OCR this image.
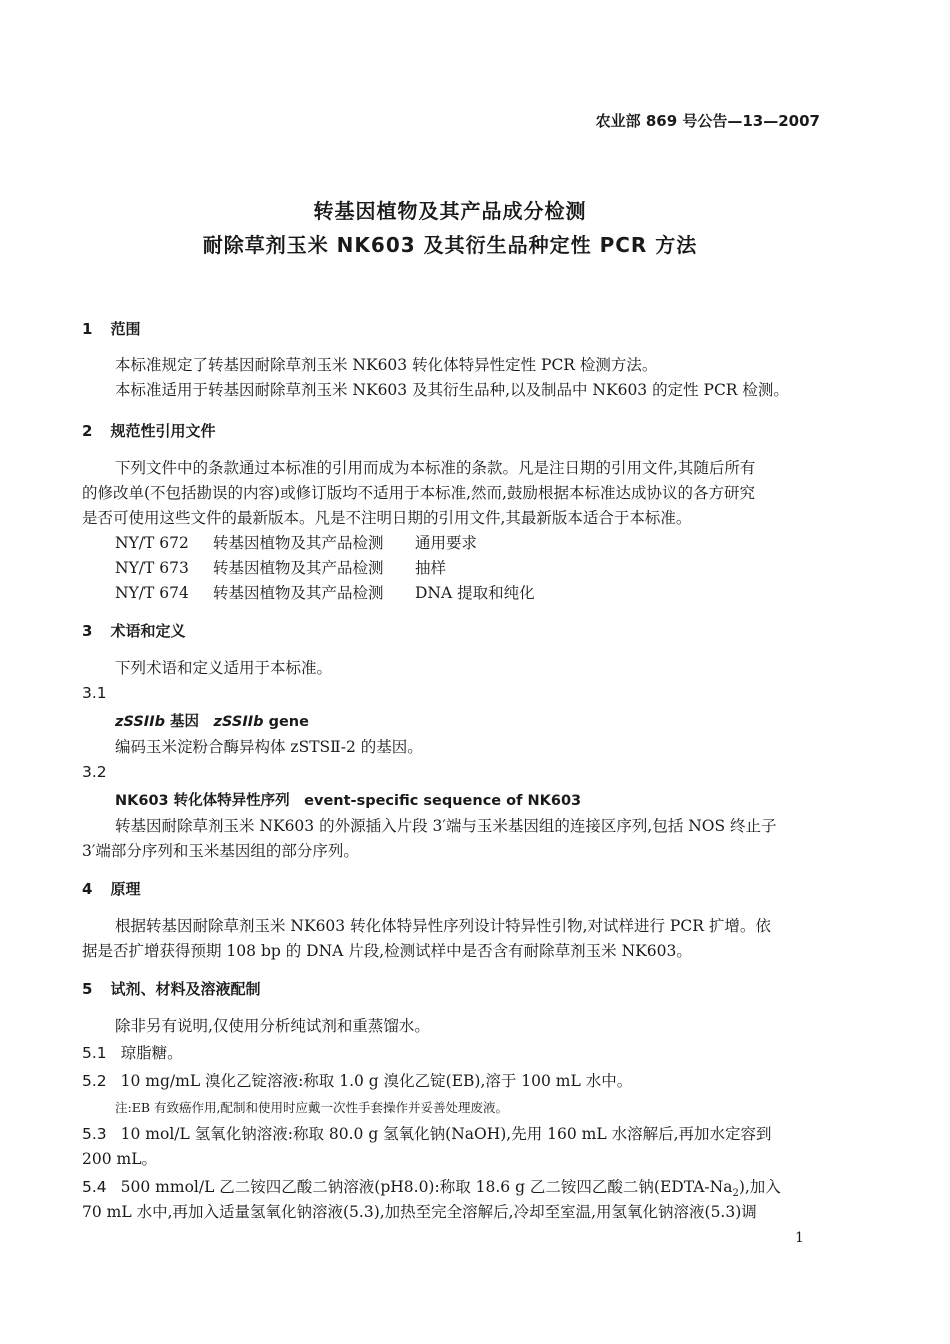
农业部 869 号公告—13—2007
转基因植物及其产品成分检测
耐除草剂玉米 NK603 及其衍生品种定性 PCR 方法
1 范围
本标准规定了转基因耐除草剂玉米 NK603 转化体特异性定性 PCR 检测方法。
本标准适用于转基因耐除草剂玉米 NK603 及其衍生品种,以及制品中 NK603 的定性 PCR 检测。
2 规范性引用文件
下列文件中的条款通过本标准的引用而成为本标准的条款。凡是注日期的引用文件,其随后所有
的修改单(不包括勘误的内容)或修订版均不适用于本标准,然而,鼓励根据本标准达成协议的各方研究
是否可使用这些文件的最新版本。凡是不注明日期的引用文件,其最新版本适合于本标准。
NY/T 672 转基因植物及其产品检测 通用要求
NY/T 673 转基因植物及其产品检测 抽样
NY/T 674 转基因植物及其产品检测 DNA 提取和纯化
3 术语和定义
下列术语和定义适用于本标准。
3.1
zSSIIb 基因　zSSIIb gene
编码玉米淀粉合酶异构体 zSTSⅡ-2 的基因。
3.2
NK603 转化体特异性序列　event-specific sequence of NK603
转基因耐除草剂玉米 NK603 的外源插入片段 3′端与玉米基因组的连接区序列,包括 NOS 终止子
3′端部分序列和玉米基因组的部分序列。
4 原理
根据转基因耐除草剂玉米 NK603 转化体特异性序列设计特异性引物,对试样进行 PCR 扩增。依
据是否扩增获得预期 108 bp 的 DNA 片段,检测试样中是否含有耐除草剂玉米 NK603。
5 试剂、材料及溶液配制
除非另有说明,仅使用分析纯试剂和重蒸馏水。
5.1 琼脂糖。
5.2 10 mg/mL 溴化乙锭溶液:称取 1.0 g 溴化乙锭(EB),溶于 100 mL 水中。
注:EB 有致癌作用,配制和使用时应戴一次性手套操作并妥善处理废液。
5.3 10 mol/L 氢氧化钠溶液:称取 80.0 g 氢氧化钠(NaOH),先用 160 mL 水溶解后,再加水定容到
200 mL。
5.4 500 mmol/L 乙二铵四乙酸二钠溶液(pH8.0):称取 18.6 g 乙二铵四乙酸二钠$(EDTA-Na_2)$,加入
70 mL 水中,再加入适量氢氧化钠溶液(5.3),加热至完全溶解后,冷却至室温,用氢氧化钠溶液(5.3)调
1
